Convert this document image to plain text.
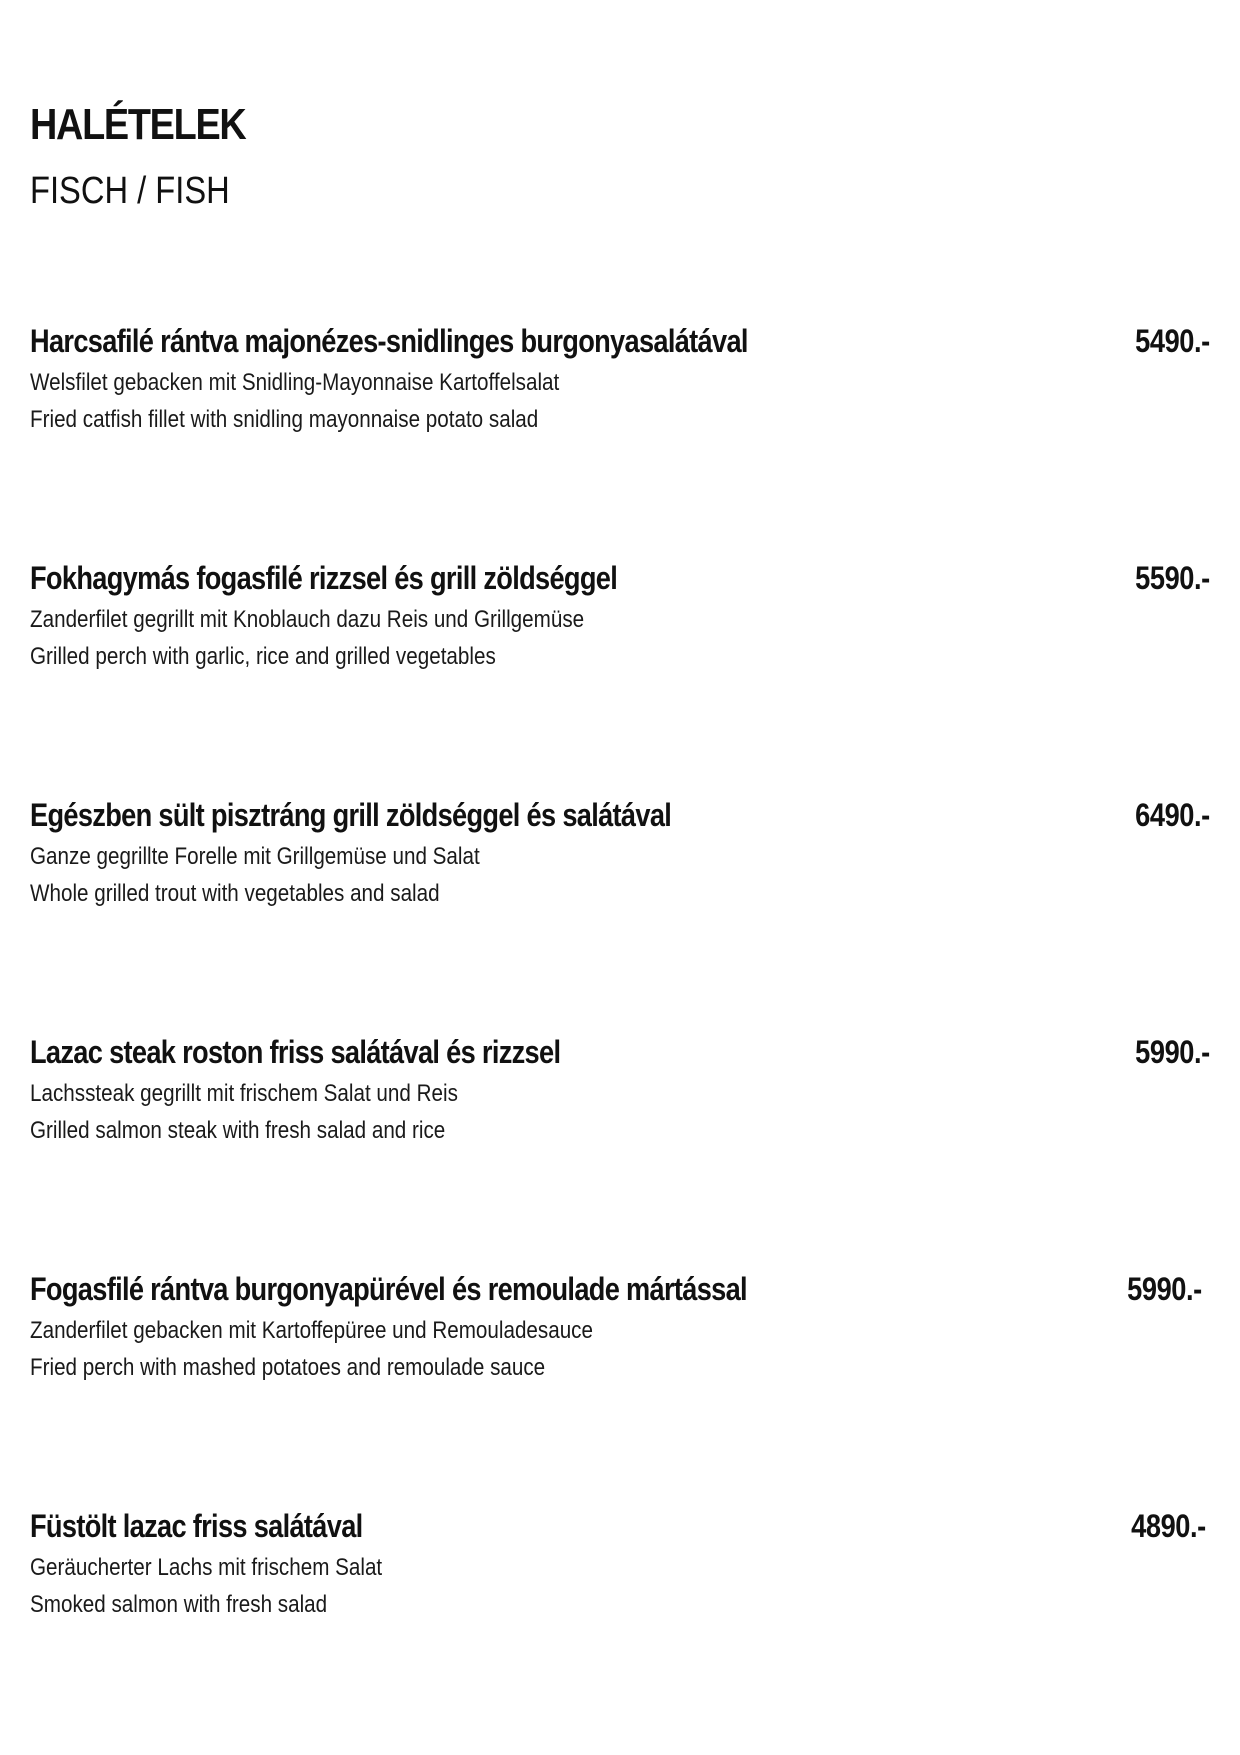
HALÉTELEK
FISCH / FISH
Harcsafilé rántva majonézes-snidlinges burgonyasalátával	5490.-
Welsfilet gebacken mit Snidling-Mayonnaise Kartoffelsalat
Fried catfish fillet with snidling mayonnaise potato salad
Fokhagymás fogasfilé rizzsel és grill zöldséggel	5590.-
Zanderfilet gegrillt mit Knoblauch dazu Reis und Grillgemüse
Grilled perch with garlic, rice and grilled vegetables
Egészben sült pisztráng grill zöldséggel és salátával	6490.-
Ganze gegrillte Forelle mit Grillgemüse und Salat
Whole grilled trout with vegetables and salad
Lazac steak roston friss salátával és rizzsel	5990.-
Lachssteak gegrillt mit frischem Salat und Reis
Grilled salmon steak with fresh salad and rice
Fogasfilé rántva burgonyapürével és remoulade mártással	5990.-
Zanderfilet gebacken mit Kartoffepüree und Remouladesauce
Fried perch with mashed potatoes and remoulade sauce
Füstölt lazac friss salátával	4890.-
Geräucherter Lachs mit frischem Salat
Smoked salmon with fresh salad
